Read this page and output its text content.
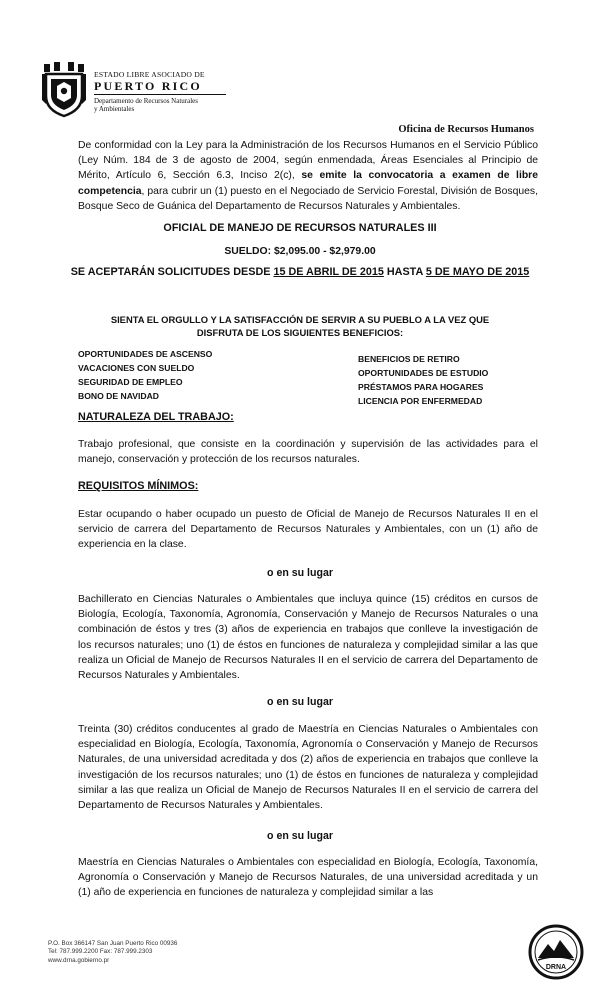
ESTADO LIBRE ASOCIADO DE
PUERTO RICO
Departamento de Recursos Naturales
y Ambientales
Oficina de Recursos Humanos
De conformidad con la Ley para la Administración de los Recursos Humanos en el Servicio Público (Ley Núm. 184 de 3 de agosto de 2004, según enmendada, Áreas Esenciales al Principio de Mérito, Artículo 6, Sección 6.3, Inciso 2(c), se emite la convocatoria a examen de libre competencia, para cubrir un (1) puesto en el Negociado de Servicio Forestal, División de Bosques, Bosque Seco de Guánica del Departamento de Recursos Naturales y Ambientales.
OFICIAL DE MANEJO DE RECURSOS NATURALES III
SUELDO: $2,095.00 - $2,979.00
SE ACEPTARÁN SOLICITUDES DESDE 15 DE ABRIL DE 2015 HASTA 5 DE MAYO DE 2015
SIENTA EL ORGULLO Y LA SATISFACCIÓN DE SERVIR A SU PUEBLO A LA VEZ QUE DISFRUTA DE LOS SIGUIENTES BENEFICIOS:
OPORTUNIDADES DE ASCENSO
VACACIONES CON SUELDO
SEGURIDAD DE EMPLEO
BONO DE NAVIDAD
BENEFICIOS DE RETIRO
OPORTUNIDADES DE ESTUDIO
PRÉSTAMOS PARA HOGARES
LICENCIA POR ENFERMEDAD
NATURALEZA DEL TRABAJO:
Trabajo profesional, que consiste en la coordinación y supervisión de las actividades para el manejo, conservación y protección de los recursos naturales.
REQUISITOS MÍNIMOS:
Estar ocupando o haber ocupado un puesto de Oficial de Manejo de Recursos Naturales II en el servicio de carrera del Departamento de Recursos Naturales y Ambientales, con un (1) año de experiencia en la clase.
o en su lugar
Bachillerato en Ciencias Naturales o Ambientales que incluya quince (15) créditos en cursos de Biología, Ecología, Taxonomía, Agronomía, Conservación y Manejo de Recursos Naturales o una combinación de éstos y tres (3) años de experiencia en trabajos que conlleve la investigación de los recursos naturales; uno (1) de éstos en funciones de naturaleza y complejidad similar a las que realiza un Oficial de Manejo de Recursos Naturales II en el servicio de carrera del Departamento de Recursos Naturales y Ambientales.
o en su lugar
Treinta (30) créditos conducentes al grado de Maestría en Ciencias Naturales o Ambientales con especialidad en Biología, Ecología, Taxonomía, Agronomía o Conservación y Manejo de Recursos Naturales, de una universidad acreditada y dos (2) años de experiencia en trabajos que conlleve la investigación de los recursos naturales; uno (1) de éstos en funciones de naturaleza y complejidad similar a las que realiza un Oficial de Manejo de Recursos Naturales II en el servicio de carrera del Departamento de Recursos Naturales y Ambientales.
o en su lugar
Maestría en Ciencias Naturales o Ambientales con especialidad en Biología, Ecología, Taxonomía, Agronomía o Conservación y Manejo de Recursos Naturales, de una universidad acreditada y un (1) año de experiencia en funciones de naturaleza y complejidad similar a las
P.O. Box 366147 San Juan Puerto Rico 00936
Tel: 787.999.2200 Fax: 787.999.2303
www.drna.gobierno.pr
DRNA
